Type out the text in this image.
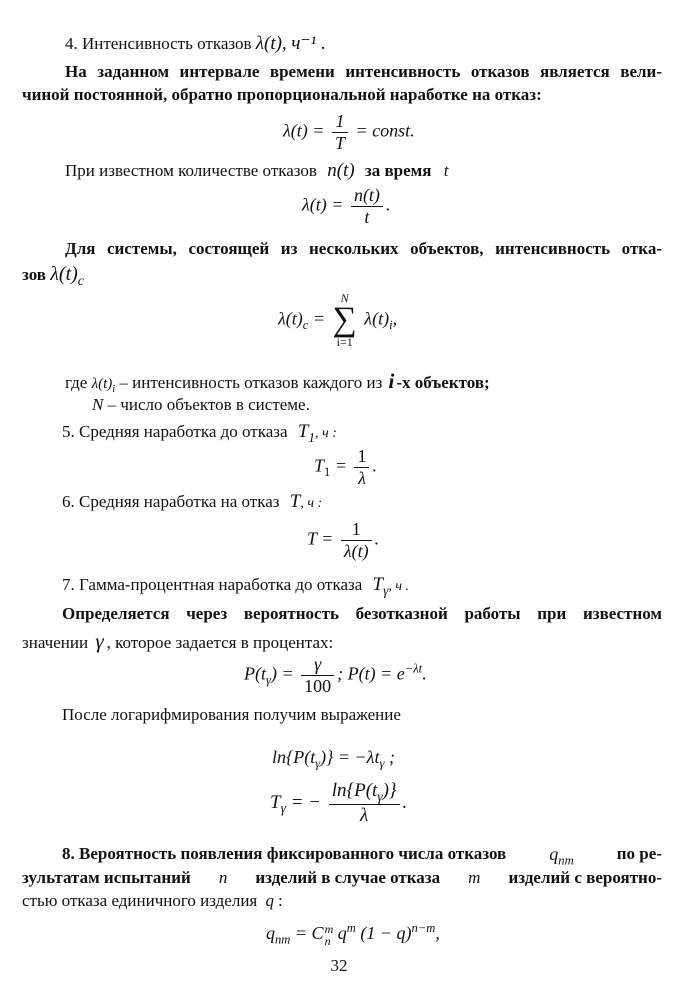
4. Интенсивность отказов λ(t), ч⁻¹ .
На заданном интервале времени интенсивность отказов является вели-
чиной постоянной, обратно пропорциональной наработке на отказ:
$\lambda(t) = \frac{1}{T}$ = const.
При известном количестве отказов n(t) за время t
$\lambda(t) = \frac{n(t)}{t}$ .
Для системы, состоящей из нескольких объектов, интенсивность отка-
зов $\lambda(t)_c$
$\lambda(t)_c$ =
N
∑
i=1
$\lambda(t)_i$,
где $\lambda(t)_i$ – интенсивность отказов каждого из i -х объектов;
N – число объектов в системе.
5. Средняя наработка до отказа $T_1$, ч :
$T_1 = \frac{1}{\lambda}$ .
6. Средняя наработка на отказ T, ч :
$T = \frac{1}{\lambda(t)}$ .
7. Гамма-процентная наработка до отказа $T_\gamma$, ч .
Определяется через вероятность безотказной работы при известном
значении γ , которое задается в процентах:
$P(t_\gamma) = \frac{\gamma}{100}$ ; $P(t) = e^{-\lambda t}$.
После логарифмирования получим выражение
$\ln\{P(t_\gamma)\} = -\lambda t_\gamma$ ;
$T_\gamma$ = − $\frac{\ln\{P(t_\gamma)\}}{\lambda}$ .
8. Вероятность появления фиксированного числа отказов $q_{nm}$	по ре-
зультатам испытаний n изделий в случае отказа m изделий с вероятно-
стью отказа единичного изделия q :
$q_{nm} = C$ m
n $q^m$ $(1 - q)^{n-m}$,
32
